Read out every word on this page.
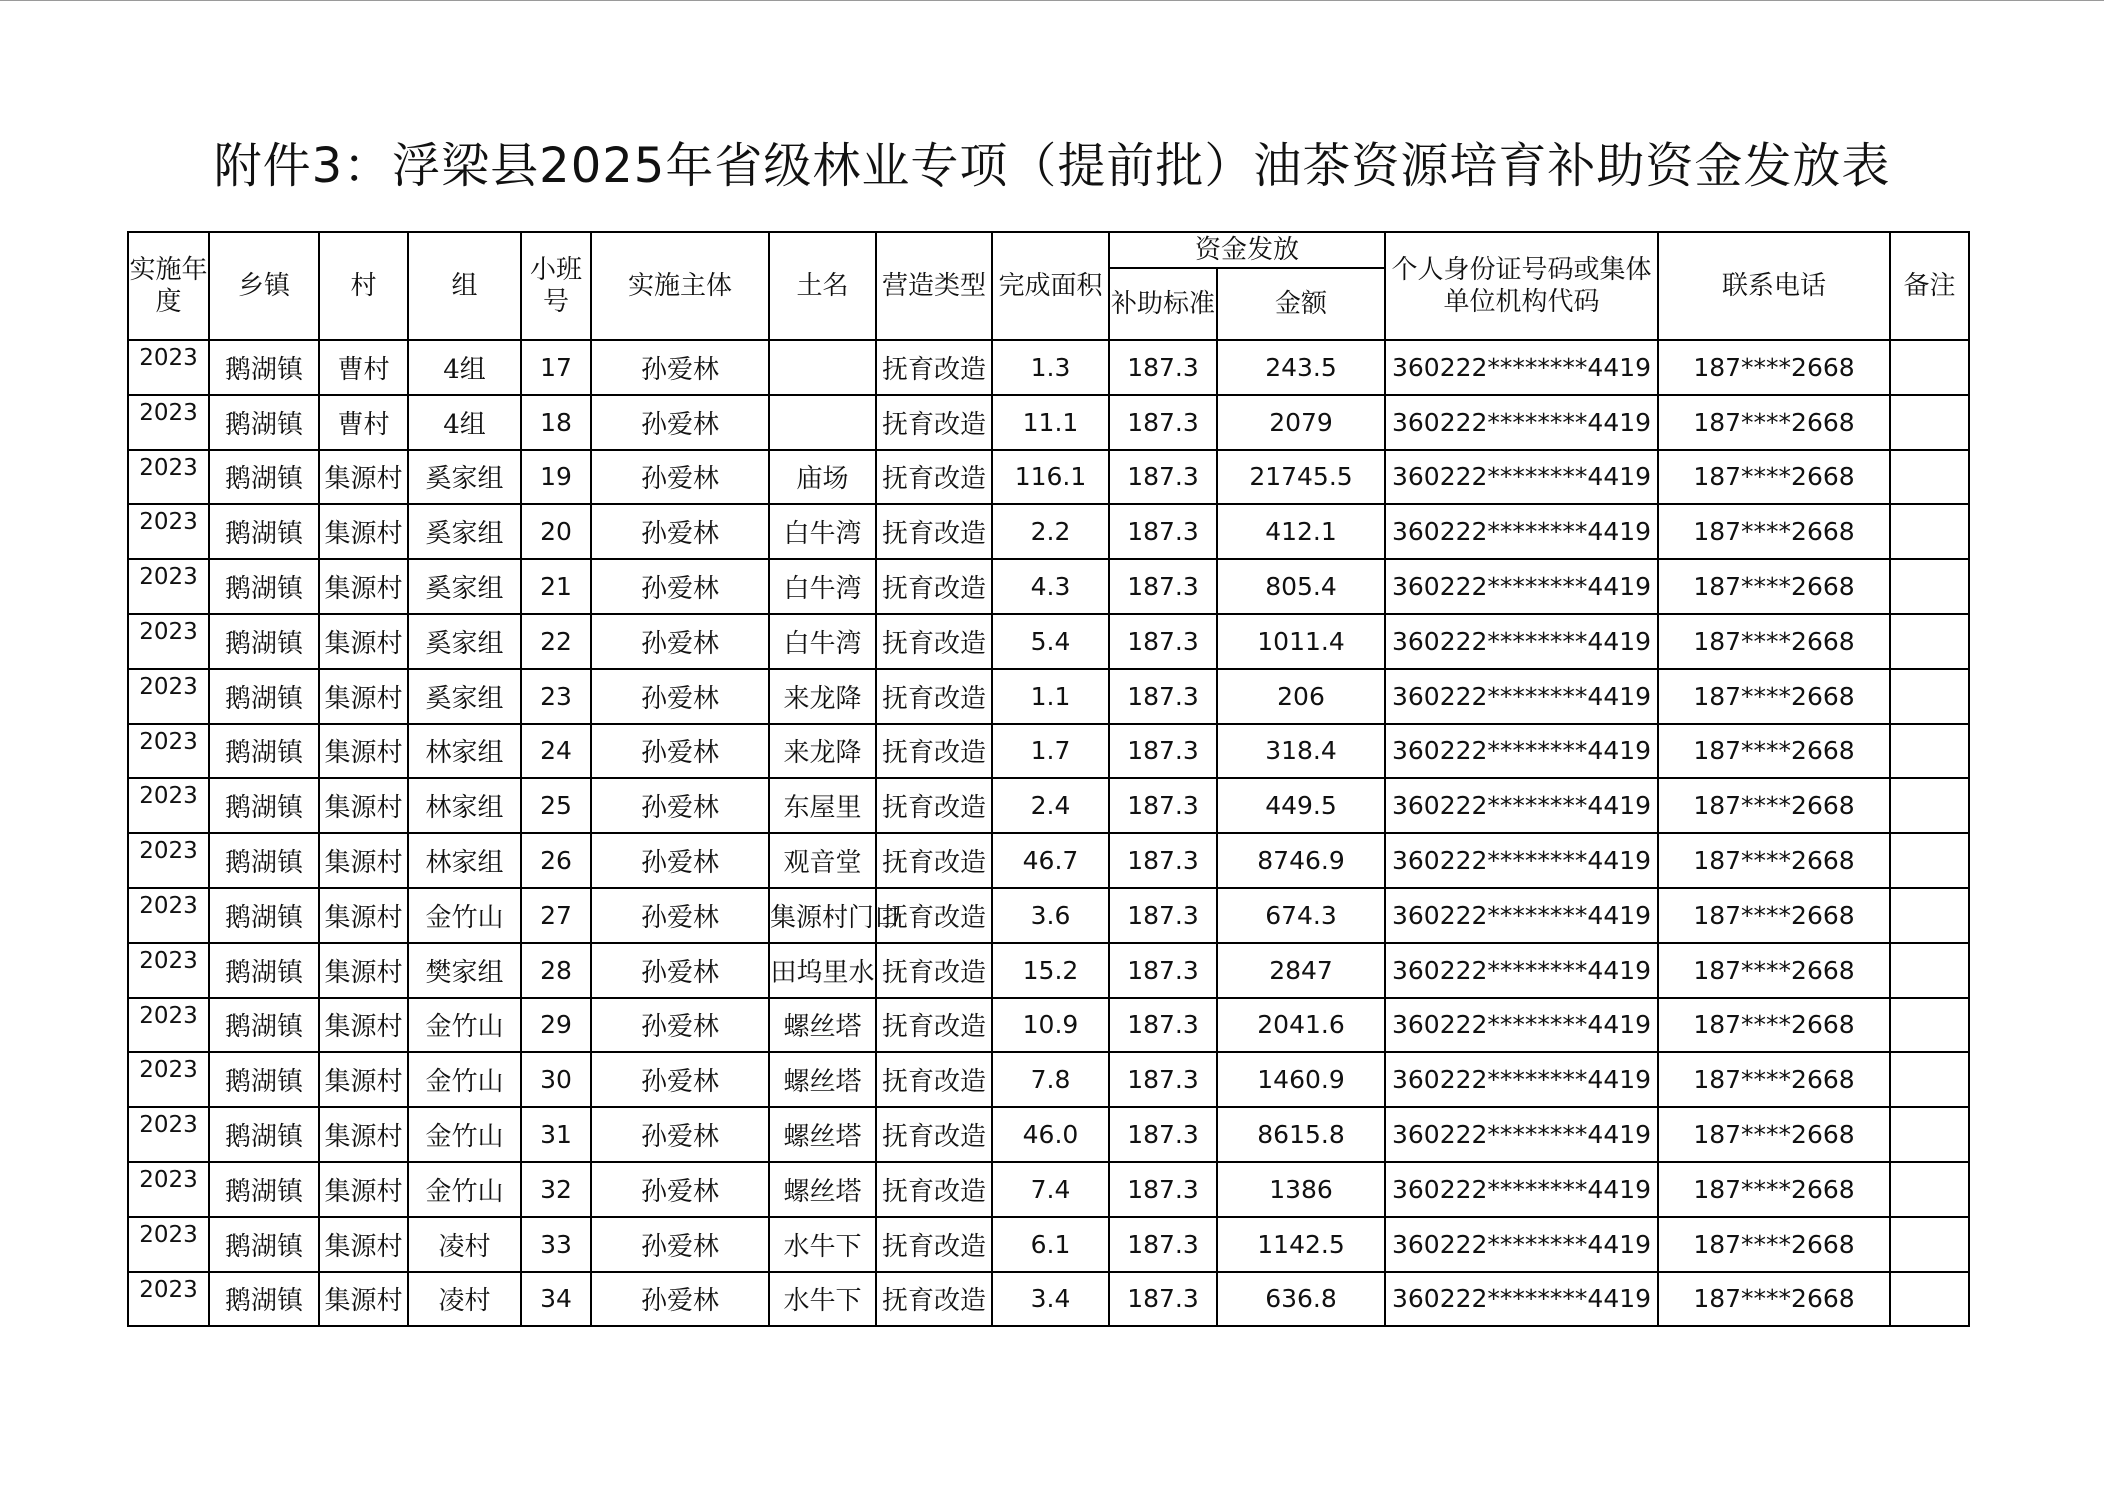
附件3：浮梁县2025年省级林业专项（提前批）油茶资源培育补助资金发放表
实施年度	乡镇	村	组	小班号	实施主体	土名	营造类型	完成面积	资金发放		个人身份证号码或集体单位机构代码	联系电话	备注
									补助标准	金额			
2023	鹅湖镇	曹村	4组	17	孙爱林		抚育改造	1.3	187.3	243.5	360222********4419	187****2668	
2023	鹅湖镇	曹村	4组	18	孙爱林		抚育改造	11.1	187.3	2079	360222********4419	187****2668	
2023	鹅湖镇	集源村	奚家组	19	孙爱林	庙场	抚育改造	116.1	187.3	21745.5	360222********4419	187****2668	
2023	鹅湖镇	集源村	奚家组	20	孙爱林	白牛湾	抚育改造	2.2	187.3	412.1	360222********4419	187****2668	
2023	鹅湖镇	集源村	奚家组	21	孙爱林	白牛湾	抚育改造	4.3	187.3	805.4	360222********4419	187****2668	
2023	鹅湖镇	集源村	奚家组	22	孙爱林	白牛湾	抚育改造	5.4	187.3	1011.4	360222********4419	187****2668	
2023	鹅湖镇	集源村	奚家组	23	孙爱林	来龙降	抚育改造	1.1	187.3	206	360222********4419	187****2668	
2023	鹅湖镇	集源村	林家组	24	孙爱林	来龙降	抚育改造	1.7	187.3	318.4	360222********4419	187****2668	
2023	鹅湖镇	集源村	林家组	25	孙爱林	东屋里	抚育改造	2.4	187.3	449.5	360222********4419	187****2668	
2023	鹅湖镇	集源村	林家组	26	孙爱林	观音堂	抚育改造	46.7	187.3	8746.9	360222********4419	187****2668	
2023	鹅湖镇	集源村	金竹山	27	孙爱林	集源村门口	抚育改造	3.6	187.3	674.3	360222********4419	187****2668	
2023	鹅湖镇	集源村	樊家组	28	孙爱林	田坞里水	抚育改造	15.2	187.3	2847	360222********4419	187****2668	
2023	鹅湖镇	集源村	金竹山	29	孙爱林	螺丝塔	抚育改造	10.9	187.3	2041.6	360222********4419	187****2668	
2023	鹅湖镇	集源村	金竹山	30	孙爱林	螺丝塔	抚育改造	7.8	187.3	1460.9	360222********4419	187****2668	
2023	鹅湖镇	集源村	金竹山	31	孙爱林	螺丝塔	抚育改造	46.0	187.3	8615.8	360222********4419	187****2668	
2023	鹅湖镇	集源村	金竹山	32	孙爱林	螺丝塔	抚育改造	7.4	187.3	1386	360222********4419	187****2668	
2023	鹅湖镇	集源村	凌村	33	孙爱林	水牛下	抚育改造	6.1	187.3	1142.5	360222********4419	187****2668	
2023	鹅湖镇	集源村	凌村	34	孙爱林	水牛下	抚育改造	3.4	187.3	636.8	360222********4419	187****2668	
